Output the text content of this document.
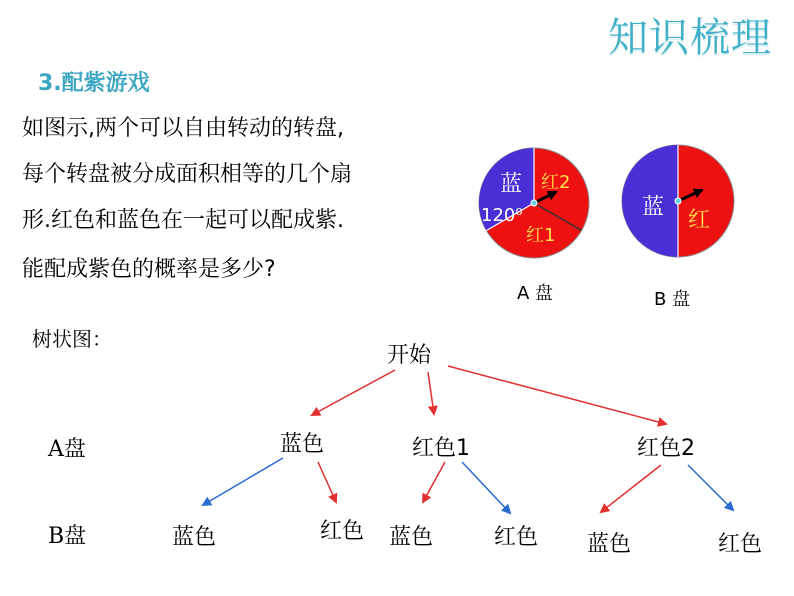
知识梳理
3.配紫游戏
如图示,两个可以自由转动的转盘,
每个转盘被分成面积相等的几个扇
形.红色和蓝色在一起可以配成紫.
能配成紫色的概率是多少?
蓝 红2
红1
120⁰
A 盘
蓝
红
B 盘
树状图：
A盘
B盘
开始
蓝色	红色1	红色2
蓝色	红色 蓝色	红色 蓝色	红色
